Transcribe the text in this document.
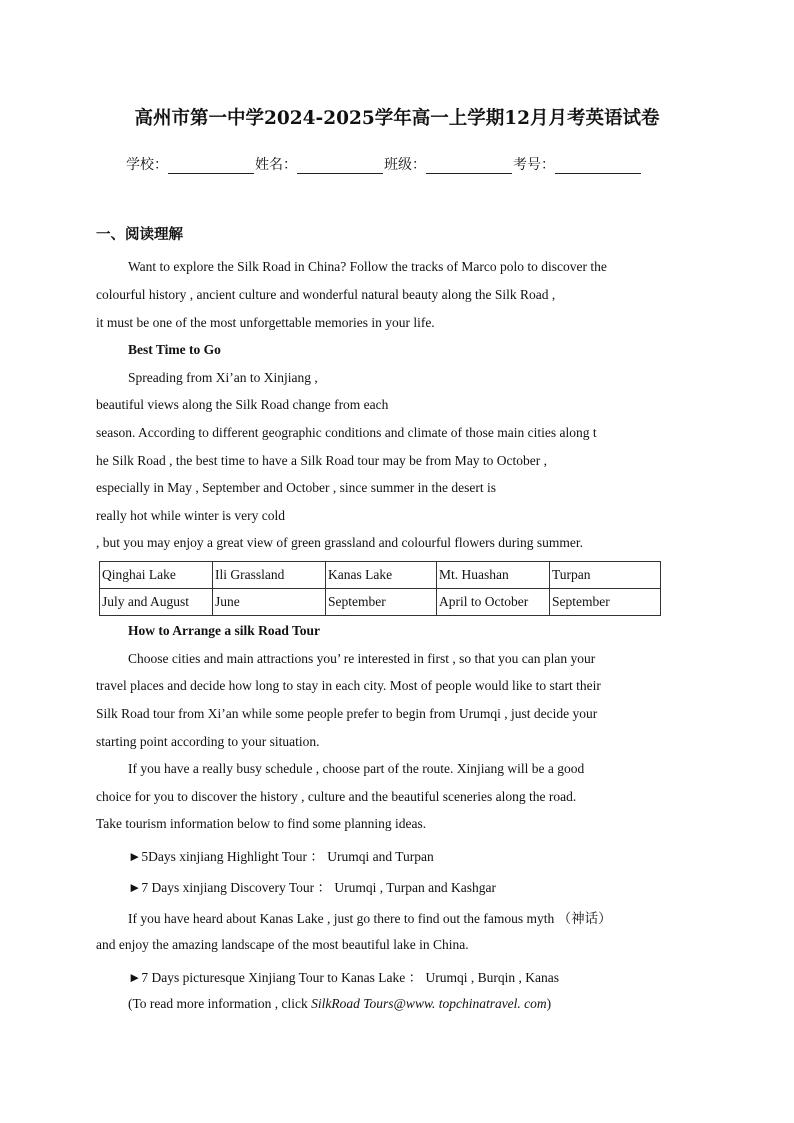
高州市第一中学2024-2025学年高一上学期12月月考英语试卷
学校：	姓名：	班级：	考号：
一、阅读理解
Want to explore the Silk Road in China? Follow the tracks of Marco polo to discover the
colourful history , ancient culture and wonderful natural beauty along the Silk Road ,
it must be one of the most unforgettable memories in your life.
Best Time to Go
Spreading from Xi’an to Xinjiang ,
beautiful views along the Silk Road change from each
season. According to different geographic conditions and climate of those main cities along t
he Silk Road , the best time to have a Silk Road tour may be from May to October ,
especially in May , September and October , since summer in the desert is
really hot while winter is very cold
, but you may enjoy a great view of green grassland and colourful flowers during summer.
Qinghai Lake	Ili Grassland	Kanas Lake	Mt. Huashan	Turpan
July and August	June	September	April to October	September
How to Arrange a silk Road Tour
Choose cities and main attractions you’ re interested in first , so that you can plan your
travel places and decide how long to stay in each city. Most of people would like to start their
Silk Road tour from Xi’an while some people prefer to begin from Urumqi , just decide your
starting point according to your situation.
If you have a really busy schedule , choose part of the route. Xinjiang will be a good
choice for you to discover the history , culture and the beautiful sceneries along the road.
Take tourism information below to find some planning ideas.
►5Days xinjiang Highlight Tour ： Urumqi and Turpan
►7 Days xinjiang Discovery Tour ： Urumqi , Turpan and Kashgar
If you have heard about Kanas Lake , just go there to find out the famous myth （神话）
and enjoy the amazing landscape of the most beautiful lake in China.
►7 Days picturesque Xinjiang Tour to Kanas Lake ： Urumqi , Burqin , Kanas
(To read more information , click SilkRoad Tours@www. topchinatravel. com)
